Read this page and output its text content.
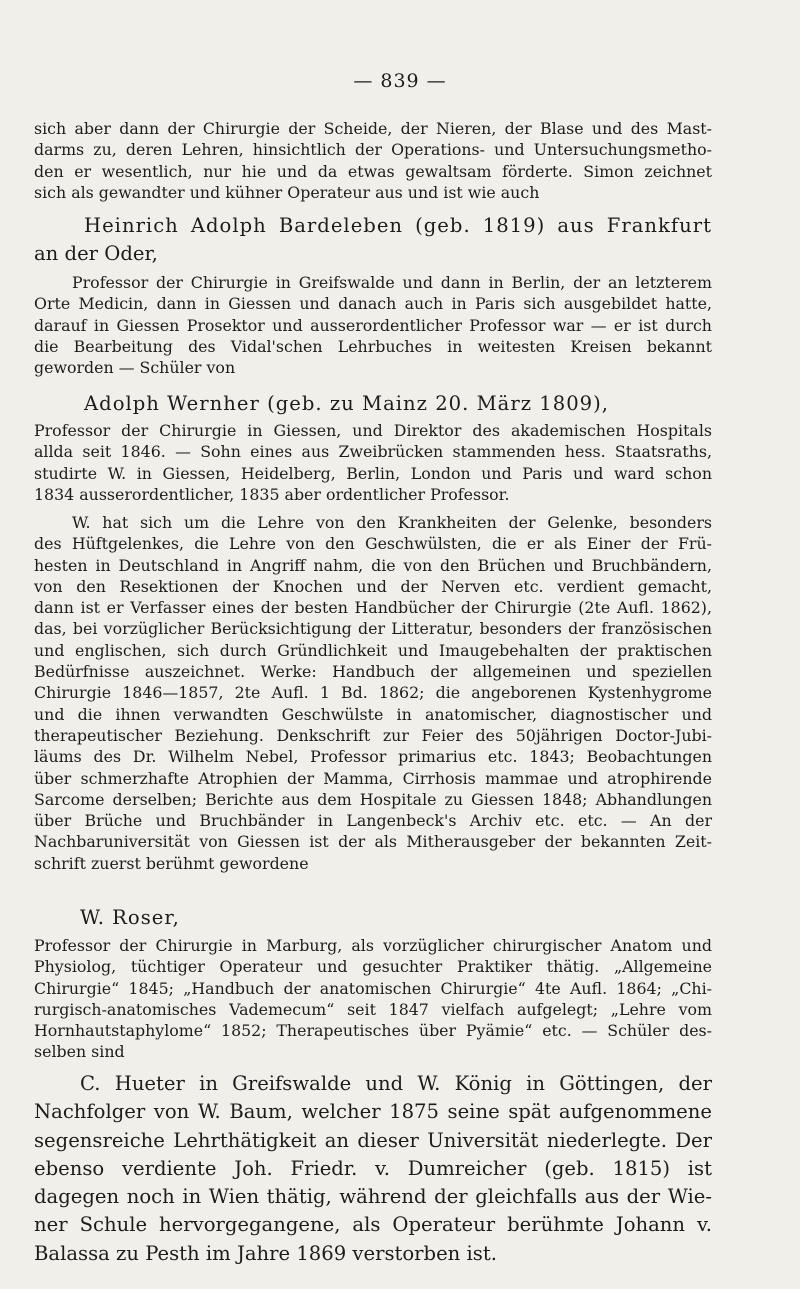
— 839 —
sich aber dann der Chirurgie der Scheide, der Nieren, der Blase und des Mast-
darms zu, deren Lehren, hinsichtlich der Operations- und Untersuchungsmetho-
den er wesentlich, nur hie und da etwas gewaltsam förderte. Simon zeichnet
sich als gewandter und kühner Operateur aus und ist wie auch
Heinrich Adolph Bardeleben (geb. 1819) aus Frankfurt
an der Oder,
Professor der Chirurgie in Greifswalde und dann in Berlin, der an letzterem
Orte Medicin, dann in Giessen und danach auch in Paris sich ausgebildet hatte,
darauf in Giessen Prosektor und ausserordentlicher Professor war — er ist durch
die Bearbeitung des Vidal'schen Lehrbuches in weitesten Kreisen bekannt
geworden — Schüler von
Adolph Wernher (geb. zu Mainz 20. März 1809),
Professor der Chirurgie in Giessen, und Direktor des akademischen Hospitals
allda seit 1846. — Sohn eines aus Zweibrücken stammenden hess. Staatsraths,
studirte W. in Giessen, Heidelberg, Berlin, London und Paris und ward schon
1834 ausserordentlicher, 1835 aber ordentlicher Professor.
W. hat sich um die Lehre von den Krankheiten der Gelenke, besonders
des Hüftgelenkes, die Lehre von den Geschwülsten, die er als Einer der Frü-
hesten in Deutschland in Angriff nahm, die von den Brüchen und Bruchbändern,
von den Resektionen der Knochen und der Nerven etc. verdient gemacht,
dann ist er Verfasser eines der besten Handbücher der Chirurgie (2te Aufl. 1862),
das, bei vorzüglicher Berücksichtigung der Litteratur, besonders der französischen
und englischen, sich durch Gründlichkeit und Imaugebehalten der praktischen
Bedürfnisse auszeichnet. Werke: Handbuch der allgemeinen und speziellen
Chirurgie 1846—1857, 2te Aufl. 1 Bd. 1862; die angeborenen Kystenhygrome
und die ihnen verwandten Geschwülste in anatomischer, diagnostischer und
therapeutischer Beziehung. Denkschrift zur Feier des 50jährigen Doctor-Jubi-
läums des Dr. Wilhelm Nebel, Professor primarius etc. 1843; Beobachtungen
über schmerzhafte Atrophien der Mamma, Cirrhosis mammae und atrophirende
Sarcome derselben; Berichte aus dem Hospitale zu Giessen 1848; Abhandlungen
über Brüche und Bruchbänder in Langenbeck's Archiv etc. etc. — An der
Nachbaruniversität von Giessen ist der als Mitherausgeber der bekannten Zeit-
schrift zuerst berühmt gewordene
W. Roser,
Professor der Chirurgie in Marburg, als vorzüglicher chirurgischer Anatom und
Physiolog, tüchtiger Operateur und gesuchter Praktiker thätig. „Allgemeine
Chirurgie“ 1845; „Handbuch der anatomischen Chirurgie“ 4te Aufl. 1864; „Chi-
rurgisch-anatomisches Vademecum“ seit 1847 vielfach aufgelegt; „Lehre vom
Hornhautstaphylome“ 1852; Therapeutisches über Pyämie“ etc. — Schüler des-
selben sind
C. Hueter in Greifswalde und W. König in Göttingen, der
Nachfolger von W. Baum, welcher 1875 seine spät aufgenommene
segensreiche Lehrthätigkeit an dieser Universität niederlegte. Der
ebenso verdiente Joh. Friedr. v. Dumreicher (geb. 1815) ist
dagegen noch in Wien thätig, während der gleichfalls aus der Wie-
ner Schule hervorgegangene, als Operateur berühmte Johann v.
Balassa zu Pesth im Jahre 1869 verstorben ist.
